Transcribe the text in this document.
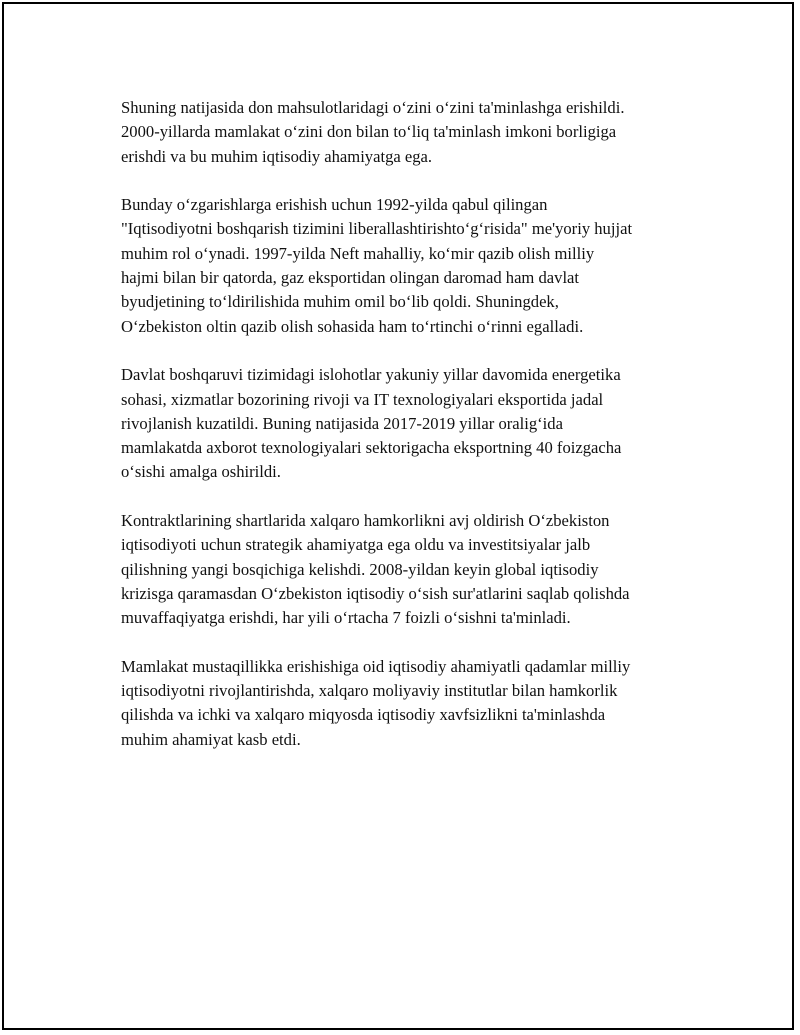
Shuning natijasida don mahsulotlaridagi o‘zini o‘zini ta'minlashga erishildi.
2000-yillarda mamlakat o‘zini don bilan to‘liq ta'minlash imkoni borligiga
erishdi va bu muhim iqtisodiy ahamiyatga ega.

Bunday o‘zgarishlarga erishish uchun 1992-yilda qabul qilingan
"Iqtisodiyotni boshqarish tizimini liberallashtirishto‘g‘risida" me'yoriy hujjat
muhim rol o‘ynadi. 1997-yilda Neft mahalliy, ko‘mir qazib olish milliy
hajmi bilan bir qatorda, gaz eksportidan olingan daromad ham davlat
byudjetining to‘ldirilishida muhim omil bo‘lib qoldi. Shuningdek,
O‘zbekiston oltin qazib olish sohasida ham to‘rtinchi o‘rinni egalladi.

Davlat boshqaruvi tizimidagi islohotlar yakuniy yillar davomida energetika
sohasi, xizmatlar bozorining rivoji va IT texnologiyalari eksportida jadal
rivojlanish kuzatildi. Buning natijasida 2017-2019 yillar oralig‘ida
mamlakatda axborot texnologiyalari sektorigacha eksportning 40 foizgacha
o‘sishi amalga oshirildi.

Kontraktlarining shartlarida xalqaro hamkorlikni avj oldirish O‘zbekiston
iqtisodiyoti uchun strategik ahamiyatga ega oldu va investitsiyalar jalb
qilishning yangi bosqichiga kelishdi. 2008-yildan keyin global iqtisodiy
krizisga qaramasdan O‘zbekiston iqtisodiy o‘sish sur'atlarini saqlab qolishda
muvaffaqiyatga erishdi, har yili o‘rtacha 7 foizli o‘sishni ta'minladi.

Mamlakat mustaqillikka erishishiga oid iqtisodiy ahamiyatli qadamlar milliy
iqtisodiyotni rivojlantirishda, xalqaro moliyaviy institutlar bilan hamkorlik
qilishda va ichki va xalqaro miqyosda iqtisodiy xavfsizlikni ta'minlashda
muhim ahamiyat kasb etdi.
